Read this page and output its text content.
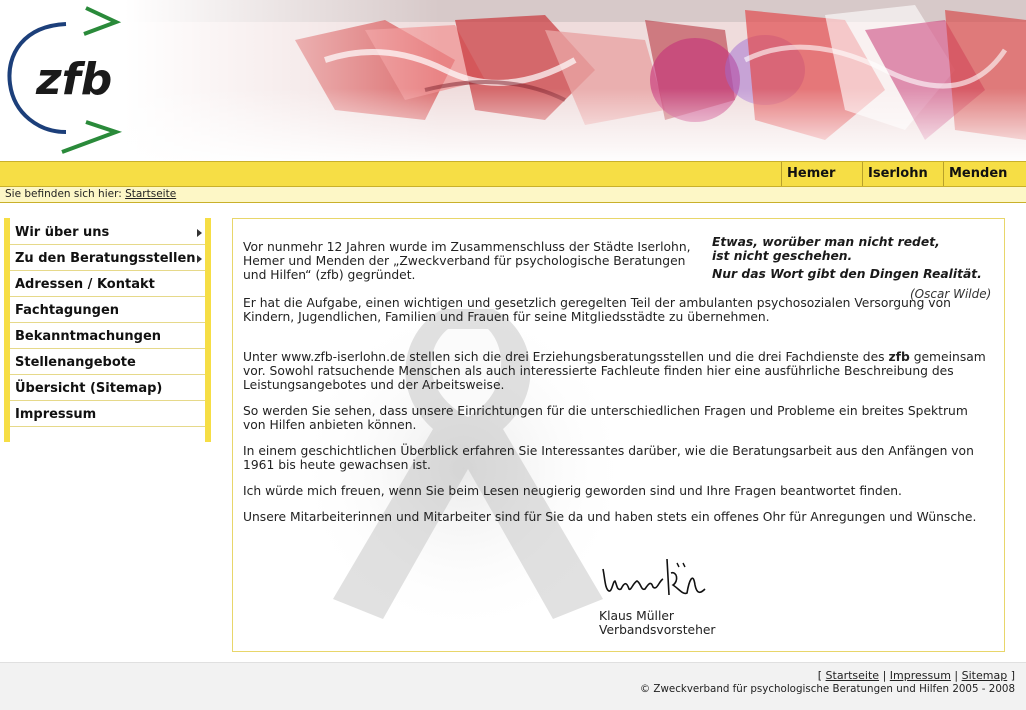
zfb
Hemer	Iserlohn	Menden
Sie befinden sich hier: Startseite
Wir über uns
Zu den Beratungsstellen
Adressen / Kontakt
Fachtagungen
Bekanntmachungen
Stellenangebote
Übersicht (Sitemap)
Impressum

Etwas, worüber man nicht redet,

ist nicht geschehen.

Nur das Wort gibt den Dingen Realität.

(Oscar Wilde)

Vor nunmehr 12 Jahren wurde im Zusammenschluss der Städte Iserlohn, Hemer und Menden der „Zweckverband für psychologische Beratungen und Hilfen“ (zfb) gegründet.

Er hat die Aufgabe, einen wichtigen und gesetzlich geregelten Teil der ambulanten psychosozialen Versorgung von Kindern, Jugendlichen, Familien und Frauen für seine Mitgliedsstädte zu übernehmen.

Unter www.zfb-iserlohn.de stellen sich die drei Erziehungsberatungsstellen und die drei Fachdienste des zfb gemeinsam vor. Sowohl ratsuchende Menschen als auch interessierte Fachleute finden hier eine ausführliche Beschreibung des Leistungsangebotes und der Arbeitsweise.

So werden Sie sehen, dass unsere Einrichtungen für die unterschiedlichen Fragen und Probleme ein breites Spektrum von Hilfen anbieten können.

In einem geschichtlichen Überblick erfahren Sie Interessantes darüber, wie die Beratungsarbeit aus den Anfängen von 1961 bis heute gewachsen ist.

Ich würde mich freuen, wenn Sie beim Lesen neugierig geworden sind und Ihre Fragen beantwortet finden.

Unsere Mitarbeiterinnen und Mitarbeiter sind für Sie da und haben stets ein offenes Ohr für Anregungen und Wünsche.

Klaus Müller
Verbandsvorsteher
[ Startseite | Impressum | Sitemap ]
© Zweckverband für psychologische Beratungen und Hilfen 2005 - 2008
